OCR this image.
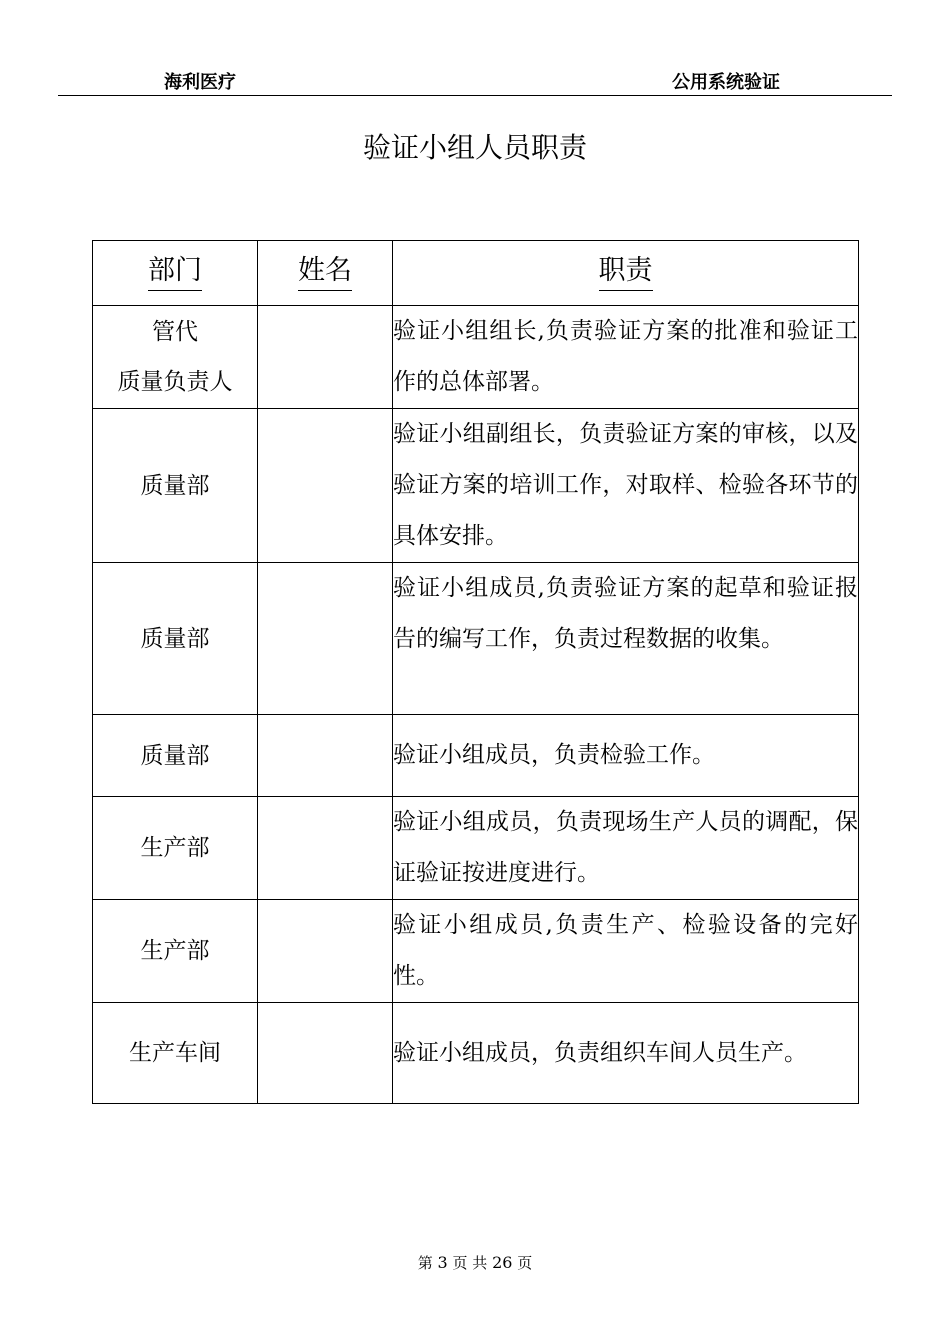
海利医疗	公用系统验证
验证小组人员职责
部门	姓名	职责

管代
质量负责人		验证小组组长,负责验证方案的批准和验证工作的总体部署。

质量部		验证小组副组长，负责验证方案的审核，以及验证方案的培训工作，对取样、检验各环节的具体安排。

质量部		验证小组成员,负责验证方案的起草和验证报告的编写工作，负责过程数据的收集。

质量部		验证小组成员，负责检验工作。

生产部		验证小组成员，负责现场生产人员的调配，保证验证按进度进行。

生产部		验证小组成员,负责生产、检验设备的完好性。

生产车间		验证小组成员，负责组织车间人员生产。
第 3 页 共 26 页
